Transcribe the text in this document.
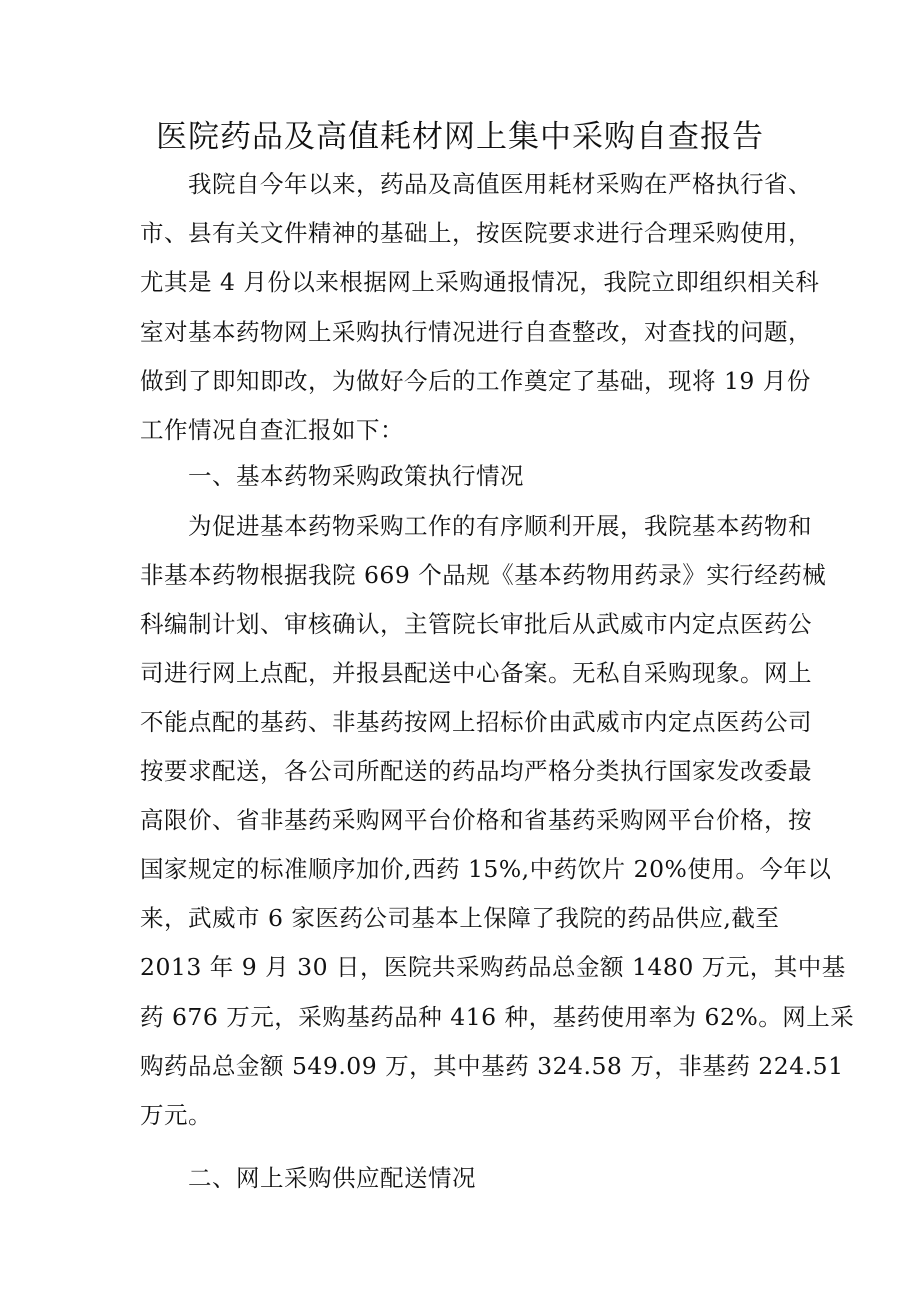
医院药品及高值耗材网上集中采购自查报告
我院自今年以来，药品及高值医用耗材采购在严格执行省、
市、县有关文件精神的基础上，按医院要求进行合理采购使用，
尤其是 4 月份以来根据网上采购通报情况，我院立即组织相关科
室对基本药物网上采购执行情况进行自查整改，对查找的问题，
做到了即知即改，为做好今后的工作奠定了基础，现将 19 月份
工作情况自查汇报如下：
一、基本药物采购政策执行情况
为促进基本药物采购工作的有序顺利开展，我院基本药物和
非基本药物根据我院 669 个品规《基本药物用药录》实行经药械
科编制计划、审核确认，主管院长审批后从武威市内定点医药公
司进行网上点配，并报县配送中心备案。无私自采购现象。网上
不能点配的基药、非基药按网上招标价由武威市内定点医药公司
按要求配送，各公司所配送的药品均严格分类执行国家发改委最
高限价、省非基药采购网平台价格和省基药采购网平台价格，按
国家规定的标准顺序加价,西药 15%,中药饮片 20%使用。今年以
来，武威市 6 家医药公司基本上保障了我院的药品供应,截至
2013 年 9 月 30 日，医院共采购药品总金额 1480 万元，其中基
药 676 万元，采购基药品种 416 种，基药使用率为 62%。网上采
购药品总金额 549.09 万，其中基药 324.58 万，非基药 224.51
万元。
二、网上采购供应配送情况
